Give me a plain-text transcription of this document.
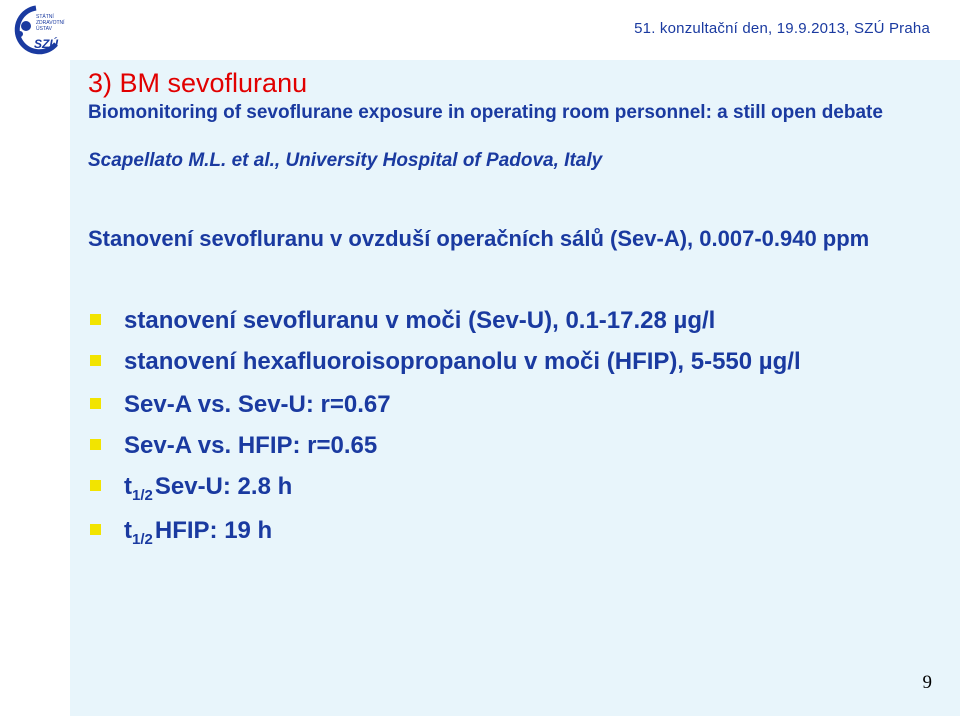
STÁTNÍ
ZDRAVOTNÍ
ÚSTAV
SZÚ
51. konzultační den, 19.9.2013, SZÚ Praha
3) BM sevofluranu
Biomonitoring of sevoflurane exposure in operating room personnel: a still open debate
Scapellato M.L. et al., University Hospital of Padova, Italy
Stanovení sevofluranu v ovzduší operačních sálů (Sev-A), 0.007-0.940 ppm
stanovení sevofluranu v moči (Sev-U), 0.1-17.28 µg/l
stanovení hexafluoroisopropanolu v moči (HFIP), 5-550 µg/l
Sev-A vs. Sev-U: r=0.67
Sev-A vs. HFIP: r=0.65
$t_{1/2}Sev-U$: 2.8 h
$t_{1/2}HFIP$: 19 h
9
